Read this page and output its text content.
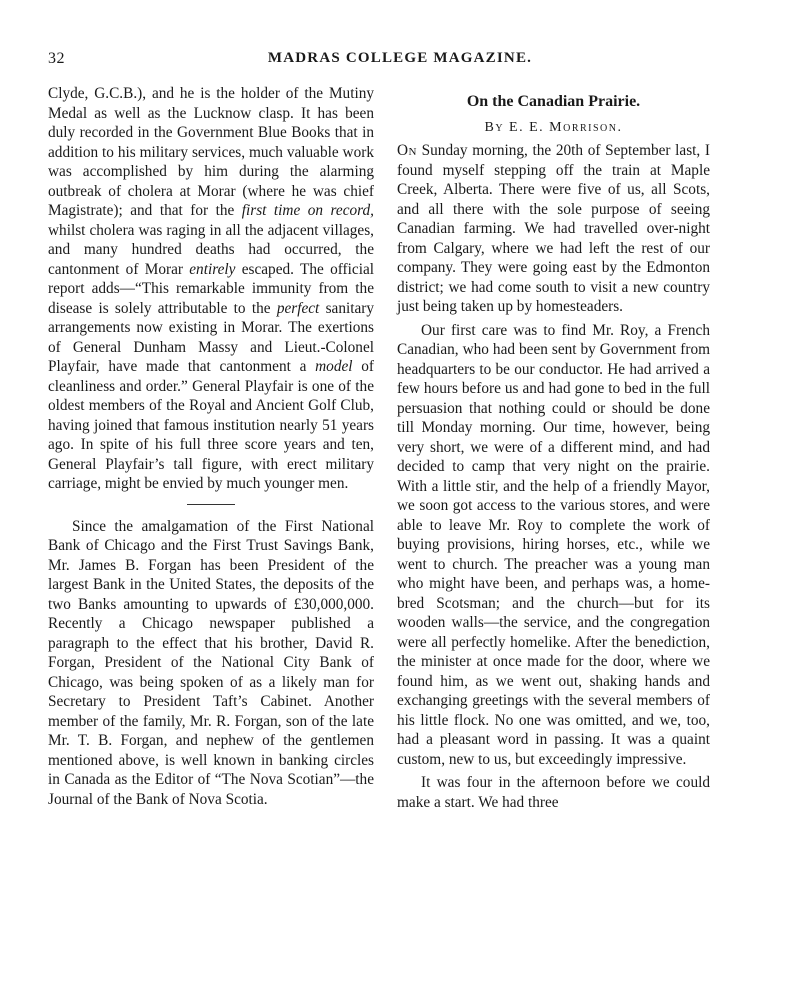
32	MADRAS COLLEGE MAGAZINE.

Clyde, G.C.B.), and he is the holder of the Mutiny Medal as well as the Lucknow clasp. It has been duly recorded in the Government Blue Books that in addition to his military services, much valuable work was accomplished by him during the alarming outbreak of cholera at Morar (where he was chief Magistrate); and that for the first time on record, whilst cholera was raging in all the adjacent villages, and many hundred deaths had occurred, the cantonment of Morar entirely escaped. The official report adds—“This remarkable immunity from the disease is solely attributable to the perfect sanitary arrangements now existing in Morar. The exertions of General Dunham Massy and Lieut.-Colonel Playfair, have made that cantonment a model of cleanliness and order.” General Playfair is one of the oldest members of the Royal and Ancient Golf Club, having joined that famous institution nearly 51 years ago. In spite of his full three score years and ten, General Playfair’s tall figure, with erect military carriage, might be envied by much younger men.

Since the amalgamation of the First National Bank of Chicago and the First Trust Savings Bank, Mr. James B. Forgan has been President of the largest Bank in the United States, the deposits of the two Banks amounting to upwards of £30,000,000. Recently a Chicago newspaper published a paragraph to the effect that his brother, David R. Forgan, President of the National City Bank of Chicago, was being spoken of as a likely man for Secretary to President Taft’s Cabinet. Another member of the family, Mr. R. Forgan, son of the late Mr. T. B. Forgan, and nephew of the gentlemen mentioned above, is well known in banking circles in Canada as the Editor of “The Nova Scotian”—the Journal of the Bank of Nova Scotia.

On the Canadian Prairie.
By E. E. Morrison.

On Sunday morning, the 20th of September last, I found myself stepping off the train at Maple Creek, Alberta. There were five of us, all Scots, and all there with the sole purpose of seeing Canadian farming. We had travelled over-night from Calgary, where we had left the rest of our company. They were going east by the Edmonton district; we had come south to visit a new country just being taken up by homesteaders.

Our first care was to find Mr. Roy, a French Canadian, who had been sent by Government from headquarters to be our conductor. He had arrived a few hours before us and had gone to bed in the full persuasion that nothing could or should be done till Monday morning. Our time, however, being very short, we were of a different mind, and had decided to camp that very night on the prairie. With a little stir, and the help of a friendly Mayor, we soon got access to the various stores, and were able to leave Mr. Roy to complete the work of buying provisions, hiring horses, etc., while we went to church. The preacher was a young man who might have been, and perhaps was, a home-bred Scotsman; and the church—but for its wooden walls—the service, and the congregation were all perfectly homelike. After the benediction, the minister at once made for the door, where we found him, as we went out, shaking hands and exchanging greetings with the several members of his little flock. No one was omitted, and we, too, had a pleasant word in passing. It was a quaint custom, new to us, but exceedingly impressive.

It was four in the afternoon before we could make a start. We had three
